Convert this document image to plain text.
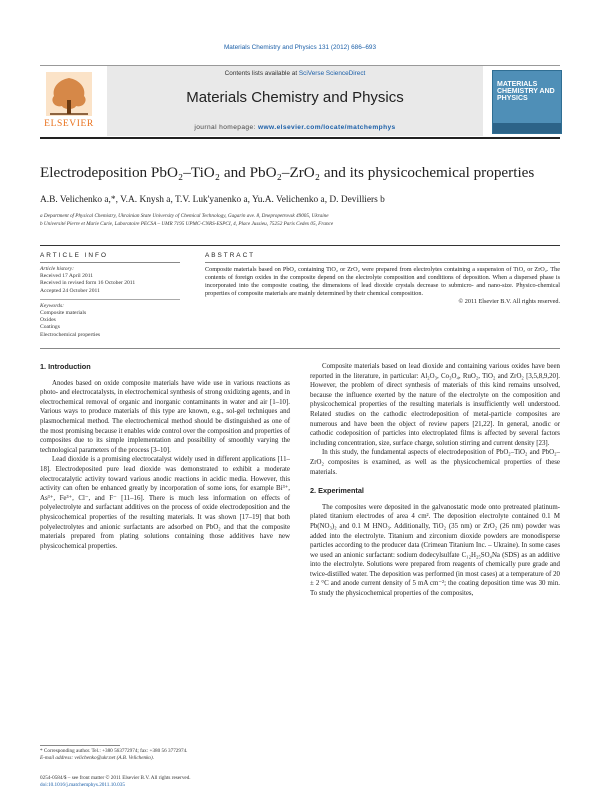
Materials Chemistry and Physics 131 (2012) 686–693
Contents lists available at SciVerse ScienceDirect
Materials Chemistry and Physics
journal homepage: www.elsevier.com/locate/matchemphys
ELSEVIER
MATERIALS CHEMISTRY AND PHYSICS
Electrodeposition PbO₂–TiO₂ and PbO₂–ZrO₂ and its physicochemical properties
A.B. Velichenko a,*, V.A. Knysh a, T.V. Luk'yanenko a, Yu.A. Velichenko a, D. Devilliers b
a Department of Physical Chemistry, Ukrainian State University of Chemical Technology, Gagarin ave. 8, Dnepropetrovsk 49005, Ukraine
b Université Pierre et Marie Curie, Laboratoire PECSA – UMR 7195 UPMC-CNRS-ESPCI, 4, Place Jussieu, 75252 Paris Cedex 05, France
ARTICLE INFO	ABSTRACT
Article history:
Received 17 April 2011
Received in revised form 16 October 2011
Accepted 24 October 2011
Keywords:
Composite materials
Oxides
Coatings
Electrochemical properties
Composite materials based on PbO₂ containing TiO₂ or ZrO₂ were prepared from electrolytes containing a suspension of TiO₂ or ZrO₂. The contents of foreign oxides in the composite depend on the electrolyte composition and conditions of deposition. When a dispersed phase is incorporated into the composite coating, the dimensions of lead dioxide crystals decrease to submicro- and nano-size. Physico-chemical properties of composite materials are mainly determined by their chemical composition.
© 2011 Elsevier B.V. All rights reserved.
1. Introduction

Anodes based on oxide composite materials have wide use in various reactions as photo- and electrocatalysts, in electrochemical synthesis of strong oxidizing agents, and in electrochemical removal of organic and inorganic contaminants in water and air [1–10]. Various ways to produce materials of this type are known, e.g., sol-gel techniques and plasmochemical method. The electrochemical method should be distinguished as one of the most promising because it enables wide control over the composition and properties of composites due to its simple implementation and possibility of smoothly varying the technological parameters of the process [3–10].

Lead dioxide is a promising electrocatalyst widely used in different applications [11–18]. Electrodeposited pure lead dioxide was demonstrated to exhibit a moderate electrocatalytic activity toward various anodic reactions in acidic media. However, this activity can often be enhanced greatly by incorporation of some ions, for example Bi³⁺, As³⁺, Fe³⁺, Cl⁻, and F⁻ [11–16]. There is much less information on effects of polyelectrolyte and surfactant additives on the process of oxide electrodeposition and the physicochemical properties of the resulting materials. It was shown [17–19] that both polyelectrolytes and anionic surfactants are adsorbed on PbO₂ and that the composite materials prepared from plating solutions containing those additives have new physicochemical properties.

Composite materials based on lead dioxide and containing various oxides have been reported in the literature, in particular: Al₂O₃, Co₃O₄, RuO₂, TiO₂ and ZrO₂ [3,5,8,9,20]. However, the problem of direct synthesis of materials of this kind remains unsolved, because the influence exerted by the nature of the electrolyte on the composition and physicochemical properties of the resulting materials is insufficiently well understood. Related studies on the cathodic electrodeposition of metal-particle composites are numerous and have been the object of review papers [21,22]. In general, anodic or cathodic codeposition of particles into electroplated films is affected by several factors including concentration, size, surface charge, solution stirring and current density [23].

In this study, the fundamental aspects of electrodeposition of PbO₂–TiO₂ and PbO₂–ZrO₂ composites is examined, as well as the physicochemical properties of these materials.

2. Experimental

The composites were deposited in the galvanostatic mode onto pretreated platinum-plated titanium electrodes of area 4 cm². The deposition electrolyte contained 0.1 M Pb(NO₃)₂ and 0.1 M HNO₃. Additionally, TiO₂ (35 nm) or ZrO₂ (26 nm) powder was added into the electrolyte. Titanium and zirconium dioxide powders are monodisperse particles according to the producer data (Crimean Titanium Inc. – Ukraine). In some cases we used an anionic surfactant: sodium dodecylsulfate C₁₂H₂₅SO₄Na (SDS) as an additive into the electrolyte. Solutions were prepared from reagents of chemically pure grade and twice-distilled water. The deposition was performed (in most cases) at a temperature of 20 ± 2 °C and anode current density of 5 mA cm⁻²; the coating deposition time was 30 min. To study the physicochemical properties of the composites,

* Corresponding author. Tel.: +380 563772974; fax: +380 56 3772974.
E-mail address: velichenko@ukr.net (A.B. Velichenko).
0254-0584/$ – see front matter © 2011 Elsevier B.V. All rights reserved.
doi:10.1016/j.matchemphys.2011.10.035
